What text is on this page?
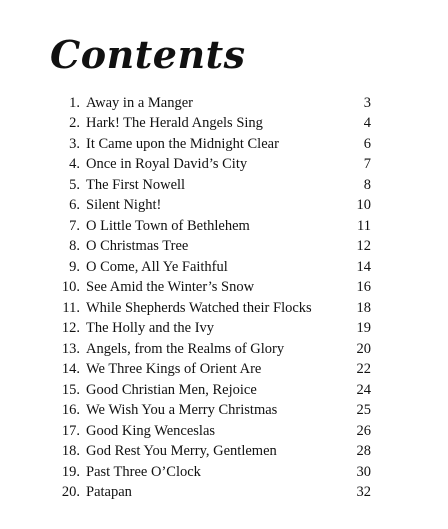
Contents
1. Away in a Manger	3
2. Hark! The Herald Angels Sing	4
3. It Came upon the Midnight Clear	6
4. Once in Royal David’s City	7
5. The First Nowell	8
6. Silent Night!	10
7. O Little Town of Bethlehem	11
8. O Christmas Tree	12
9. O Come, All Ye Faithful	14
10. See Amid the Winter’s Snow	16
11. While Shepherds Watched their Flocks	18
12. The Holly and the Ivy	19
13. Angels, from the Realms of Glory	20
14. We Three Kings of Orient Are	22
15. Good Christian Men, Rejoice	24
16. We Wish You a Merry Christmas	25
17. Good King Wenceslas	26
18. God Rest You Merry, Gentlemen	28
19. Past Three O’Clock	30
20. Patapan	32
